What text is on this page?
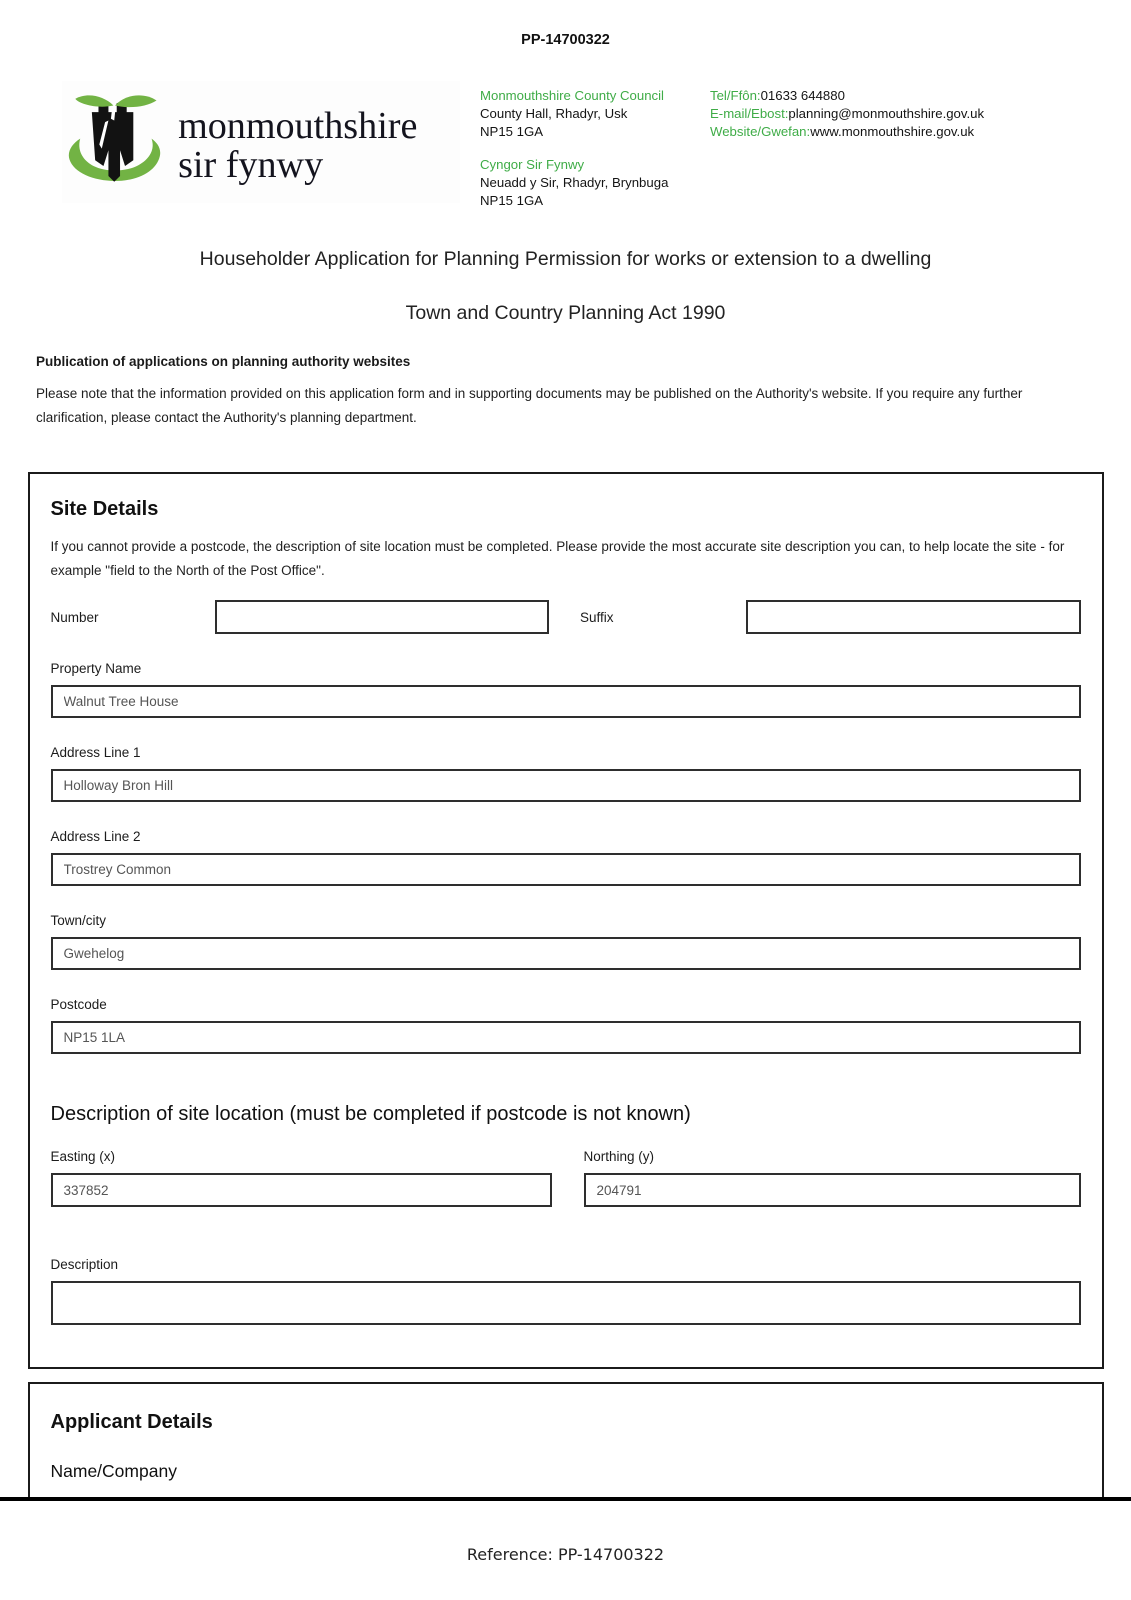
PP-14700322
monmouthshire
sir fynwy
Monmouthshire County Council
County Hall, Rhadyr, Usk
NP15 1GA
Cyngor Sir Fynwy
Neuadd y Sir, Rhadyr, Brynbuga
NP15 1GA
Tel/Ffôn:01633 644880
E-mail/Ebost:planning@monmouthshire.gov.uk
Website/Gwefan:www.monmouthshire.gov.uk
Householder Application for Planning Permission for works or extension to a dwelling
Town and Country Planning Act 1990
Publication of applications on planning authority websites
Please note that the information provided on this application form and in supporting documents may be published on the Authority's website. If you require any further clarification, please contact the Authority's planning department.
Site Details
If you cannot provide a postcode, the description of site location must be completed. Please provide the most accurate site description you can, to help locate the site - for example "field to the North of the Post Office".
Number	Suffix
Property Name
Walnut Tree House
Address Line 1
Holloway Bron Hill
Address Line 2
Trostrey Common
Town/city
Gwehelog
Postcode
NP15 1LA
Description of site location (must be completed if postcode is not known)
Easting (x)
337852	Northing (y)
204791
Description
Applicant Details
Name/Company
Reference: PP-14700322
